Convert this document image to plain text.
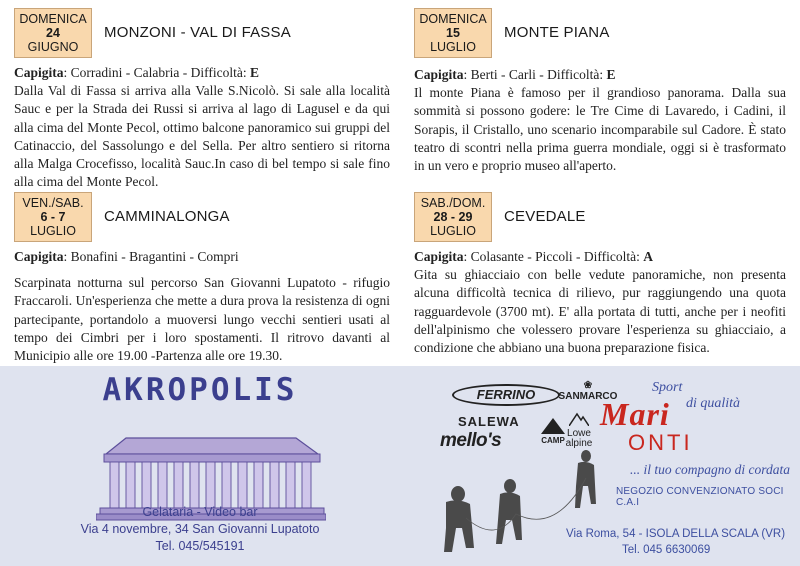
DOMENICA
24
GIUGNO
MONZONI - VAL DI FASSA
Capigita: Corradini - Calabria - Difficoltà: E
Dalla Val di Fassa si arriva alla Valle S.Nicolò. Si sale alla località Sauc e per la Strada dei Russi si arriva al lago di Lagusel e da qui alla cima del Monte Pecol, ottimo balcone panoramico sui gruppi del Catinaccio, del Sassolungo e del Sella. Per altro sentiero si ritorna alla Malga Crocefisso, località Sauc.In caso di bel tempo si sale fino alla cima del Monte Pecol.
VEN./SAB.
6 - 7
LUGLIO
CAMMINALONGA
Capigita: Bonafini - Bragantini - Compri
Scarpinata notturna sul percorso San Giovanni Lupatoto - rifugio Fraccaroli. Un'esperienza che mette a dura prova la resistenza di ogni partecipante, portandolo a muoversi lungo vecchi sentieri usati al tempo dei Cimbri per i loro spostamenti. Il ritrovo davanti al Municipio alle ore 19.00 -Partenza alle ore 19.30.
DOMENICA
15
LUGLIO
MONTE PIANA
Capigita: Berti - Carli - Difficoltà: E
Il monte Piana è famoso per il grandioso panorama. Dalla sua sommità si possono godere: le Tre Cime di Lavaredo, i Cadini, il Sorapis, il Cristallo, uno scenario incomparabile sul Cadore. È stato teatro di scontri nella prima guerra mondiale, oggi si è trasformato in un vero e proprio museo all'aperto.
SAB./DOM.
28 - 29
LUGLIO
CEVEDALE
Capigita: Colasante - Piccoli - Difficoltà: A
Gita su ghiacciaio con belle vedute panoramiche, non presenta alcuna difficoltà tecnica di rilievo, pur raggiungendo una quota ragguardevole (3700 mt). E' alla portata di tutti, anche per i neofiti dell'alpinismo che volessero provare l'esperienza su ghiacciaio, a condizione che abbiano una buona preparazione fisica.
AKROPOLIS
Gelataria - Video bar
Via 4 novembre, 34 San Giovanni Lupatoto
Tel. 045/545191
FERRINO
❀
SANMARCO
SALEWA
mello's	CAMP
Lowe alpine
Sport
di qualità
Mari
ONTI
... il tuo compagno di cordata
NEGOZIO CONVENZIONATO SOCI C.A.I
Via Roma, 54 - ISOLA DELLA SCALA (VR)
Tel. 045 6630069
